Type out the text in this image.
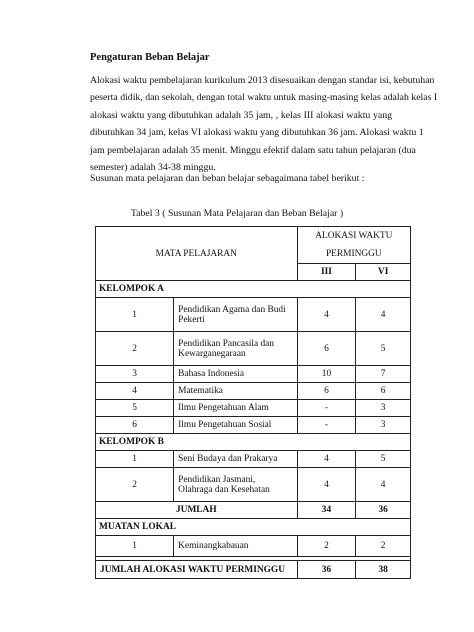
Pengaturan Beban Belajar
Alokasi waktu pembelajaran kurikulum 2013 disesuaikan dengan standar isi, kebutuhan
peserta didik, dan sekolah, dengan total waktu untuk masing-masing kelas adalah kelas I
alokasi waktu yang dibutuhkan adalah 35 jam, , kelas III alokasi waktu yang
dibutuhkan 34 jam, kelas VI alokasi waktu yang dibutuhkan 36 jam. Alokasi waktu 1
jam pembelajaran adalah 35 menit. Minggu efektif dalam satu tahun pelajaran (dua
semester) adalah 34-38 minggu.
Susunan mata pelajaran dan beban belajar sebagaimana tabel berikut :
Tabel 3 ( Susunan Mata Pelajaran dan Beban Belajar )
MATA PELAJARAN		ALOKASI WAKTU
PERMINGGU	
		III	VI
KELOMPOK A			
1	Pendidikan Agama dan Budi
Pekerti	4	4
2	Pendidikan Pancasila dan
Kewarganegaraan	6	5
3	Bahasa Indonesia	10	7
4	Matematika	6	6
5	Ilmu Pengetahuan Alam	-	3
6	Ilmu Pengetahuan Sosial	-	3
KELOMPOK B			
1	Seni Budaya dan Prakarya	4	5
2	Pendidikan Jasmani,
Olahraga dan Kesehatan	4	4
JUMLAH		34	36
MUATAN LOKAL			
1	Keminangkabauan	2	2

JUMLAH ALOKASI WAKTU PERMINGGU		36	38
